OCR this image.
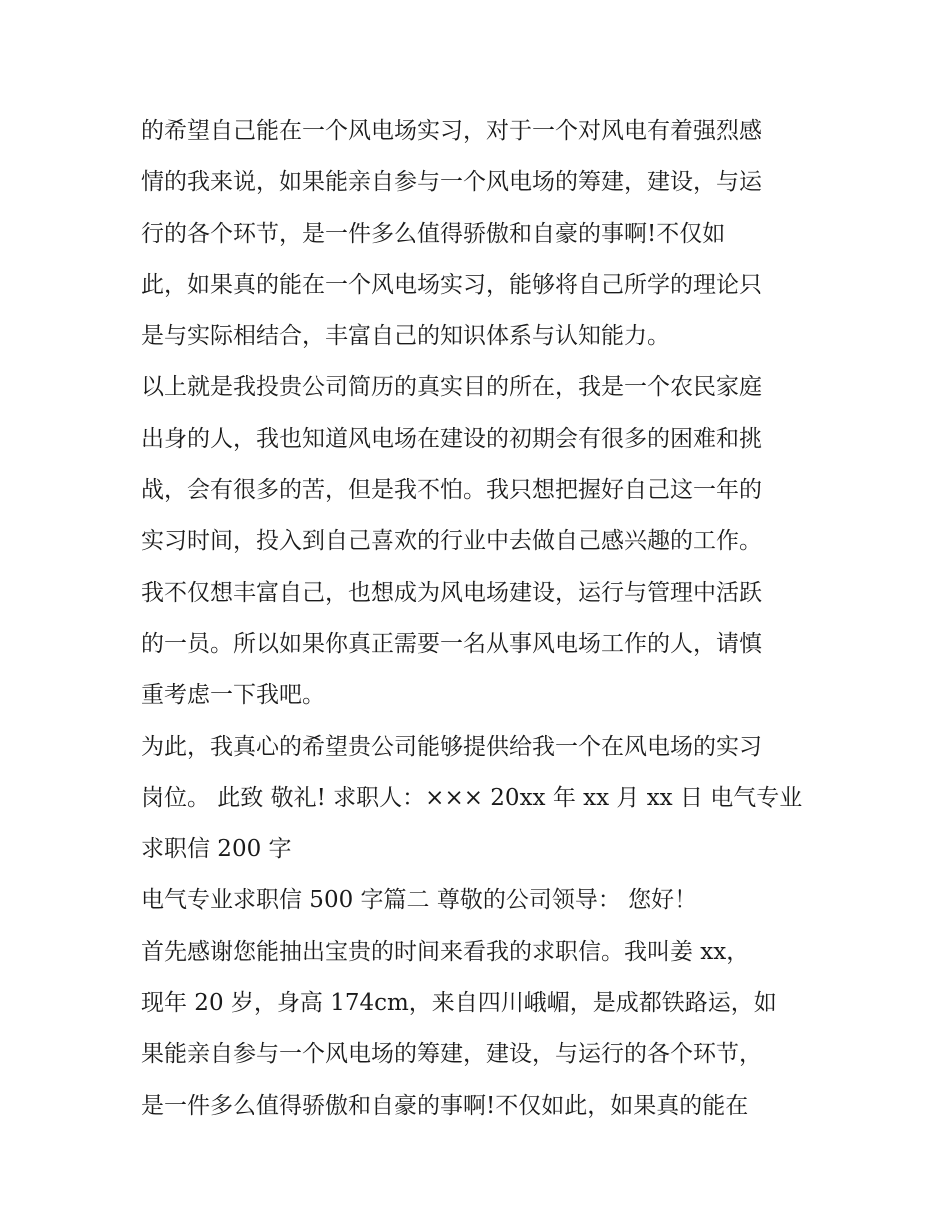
的希望自己能在一个风电场实习，对于一个对风电有着强烈感
情的我来说，如果能亲自参与一个风电场的筹建，建设，与运
行的各个环节，是一件多么值得骄傲和自豪的事啊!不仅如
此，如果真的能在一个风电场实习，能够将自己所学的理论只
是与实际相结合，丰富自己的知识体系与认知能力。
以上就是我投贵公司简历的真实目的所在，我是一个农民家庭
出身的人，我也知道风电场在建设的初期会有很多的困难和挑
战，会有很多的苦，但是我不怕。我只想把握好自己这一年的
实习时间，投入到自己喜欢的行业中去做自己感兴趣的工作。
我不仅想丰富自己，也想成为风电场建设，运行与管理中活跃
的一员。所以如果你真正需要一名从事风电场工作的人，请慎
重考虑一下我吧。
为此，我真心的希望贵公司能够提供给我一个在风电场的实习
岗位。 此致 敬礼! 求职人：××× 20xx 年 xx 月 xx 日 电气专业
求职信 200 字
电气专业求职信 500 字篇二 尊敬的公司领导： 您好！
首先感谢您能抽出宝贵的时间来看我的求职信。我叫姜 xx，
现年 20 岁，身高 174cm，来自四川峨嵋，是成都铁路运，如
果能亲自参与一个风电场的筹建，建设，与运行的各个环节，
是一件多么值得骄傲和自豪的事啊!不仅如此，如果真的能在
